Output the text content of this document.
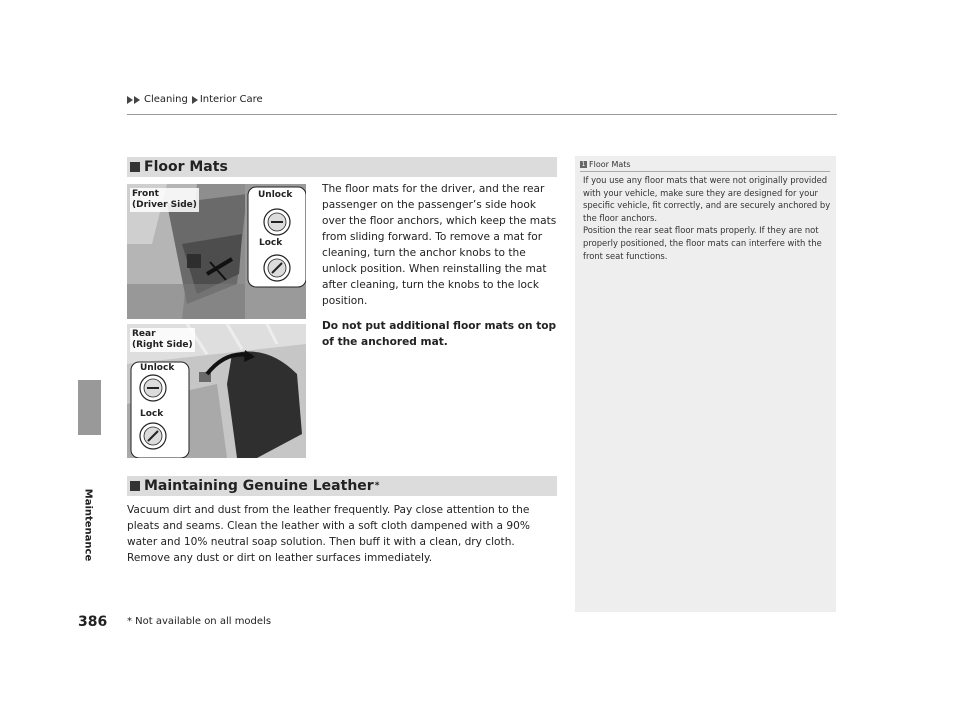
Cleaning Interior Care
Maintenance
Floor Mats
Front
(Driver Side)
Unlock
Lock
Rear
(Right Side)
Unlock
Lock

The floor mats for the driver, and the rear passenger on the passenger’s side hook over the floor anchors, which keep the mats from sliding forward. To remove a mat for cleaning, turn the anchor knobs to the unlock position. When reinstalling the mat after cleaning, turn the knobs to the lock position.

Do not put additional floor mats on top of the anchored mat.

Maintaining Genuine Leather *
Vacuum dirt and dust from the leather frequently. Pay close attention to the pleats and seams. Clean the leather with a soft cloth dampened with a 90% water and 10% neutral soap solution. Then buff it with a clean, dry cloth. Remove any dust or dirt on leather surfaces immediately.
1 Floor Mats
If you use any floor mats that were not originally provided with your vehicle, make sure they are designed for your specific vehicle, fit correctly, and are securely anchored by the floor anchors.
Position the rear seat floor mats properly. If they are not properly positioned, the floor mats can interfere with the front seat functions.
386 * Not available on all models
